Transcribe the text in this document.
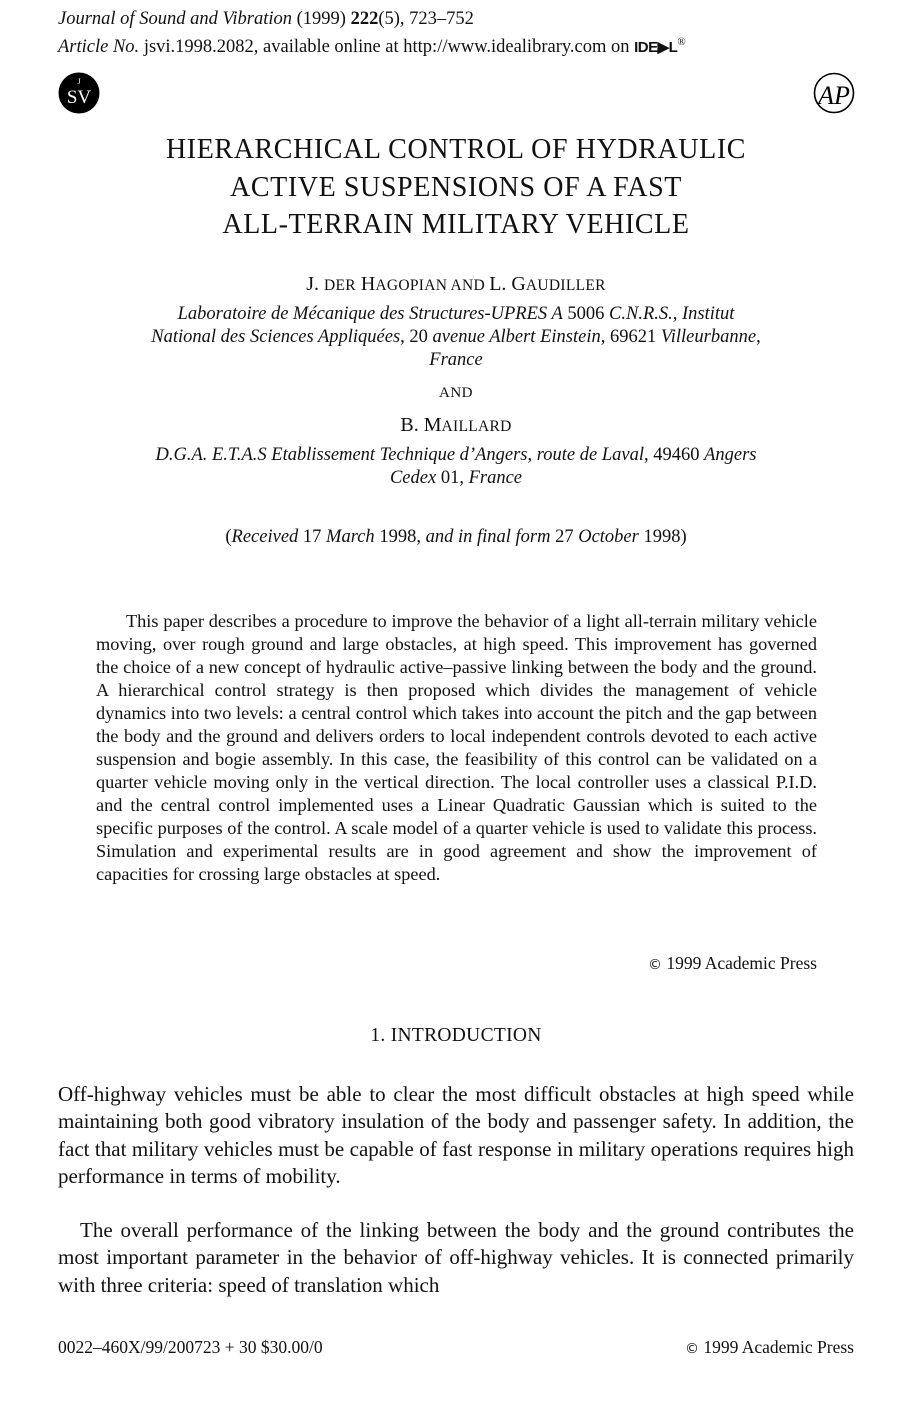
Journal of Sound and Vibration (1999) 222(5), 723–752
Article No. jsvi.1998.2082, available online at http://www.idealibrary.com on IDE▶L®
J
SV	AP
HIERARCHICAL CONTROL OF HYDRAULIC
ACTIVE SUSPENSIONS OF A FAST
ALL-TERRAIN MILITARY VEHICLE
J. DER HAGOPIAN AND L. GAUDILLER
Laboratoire de Mécanique des Structures-UPRES A 5006 C.N.R.S., Institut
National des Sciences Appliquées, 20 avenue Albert Einstein, 69621 Villeurbanne,
France
AND
B. MAILLARD
D.G.A. E.T.A.S Etablissement Technique d’Angers, route de Laval, 49460 Angers
Cedex 01, France
(Received 17 March 1998, and in final form 27 October 1998)

This paper describes a procedure to improve the behavior of a light all-terrain military vehicle moving, over rough ground and large obstacles, at high speed. This improvement has governed the choice of a new concept of hydraulic active–passive linking between the body and the ground. A hierarchical control strategy is then proposed which divides the management of vehicle dynamics into two levels: a central control which takes into account the pitch and the gap between the body and the ground and delivers orders to local independent controls devoted to each active suspension and bogie assembly. In this case, the feasibility of this control can be validated on a quarter vehicle moving only in the vertical direction. The local controller uses a classical P.I.D. and the central control implemented uses a Linear Quadratic Gaussian which is suited to the specific purposes of the control. A scale model of a quarter vehicle is used to validate this process. Simulation and experimental results are in good agreement and show the improvement of capacities for crossing large obstacles at speed.

© 1999 Academic Press
1. INTRODUCTION

Off-highway vehicles must be able to clear the most difficult obstacles at high speed while maintaining both good vibratory insulation of the body and passenger safety. In addition, the fact that military vehicles must be capable of fast response in military operations requires high performance in terms of mobility.

The overall performance of the linking between the body and the ground contributes the most important parameter in the behavior of off-highway vehicles. It is connected primarily with three criteria: speed of translation which

0022–460X/99/200723 + 30 $30.00/0	© 1999 Academic Press
